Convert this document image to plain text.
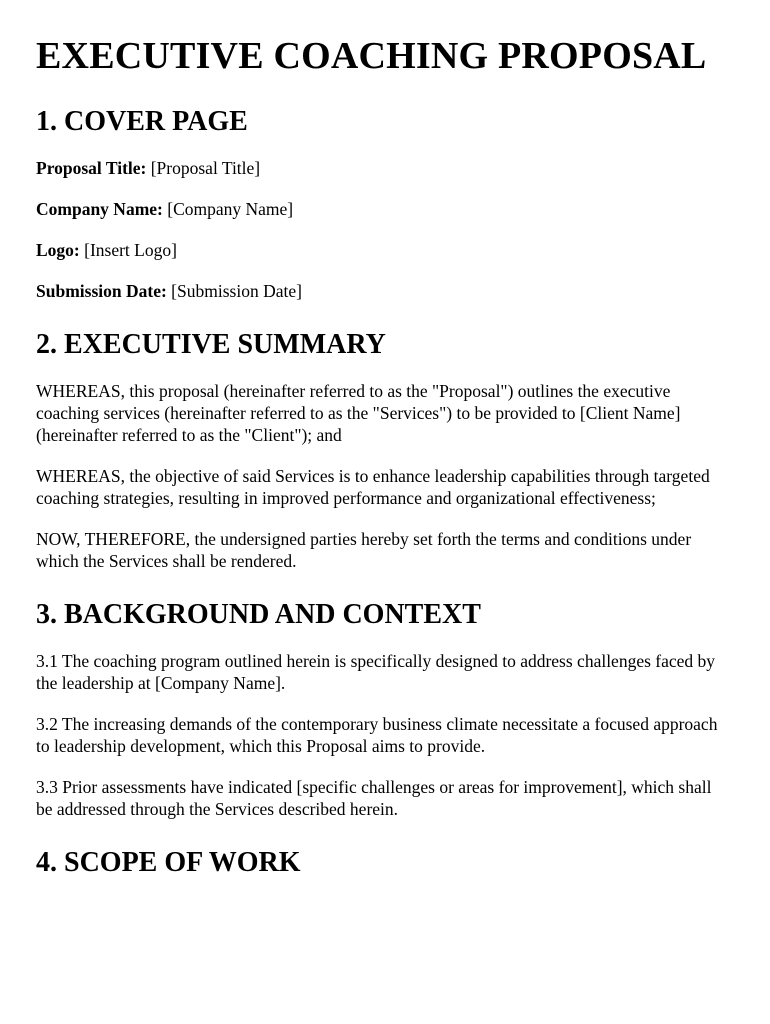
EXECUTIVE COACHING PROPOSAL
1. COVER PAGE

Proposal Title: [Proposal Title]

Company Name: [Company Name]

Logo: [Insert Logo]

Submission Date: [Submission Date]

2. EXECUTIVE SUMMARY

WHEREAS, this proposal (hereinafter referred to as the "Proposal") outlines the executive coaching services (hereinafter referred to as the "Services") to be provided to [Client Name] (hereinafter referred to as the "Client"); and

WHEREAS, the objective of said Services is to enhance leadership capabilities through targeted coaching strategies, resulting in improved performance and organizational effectiveness;

NOW, THEREFORE, the undersigned parties hereby set forth the terms and conditions under which the Services shall be rendered.

3. BACKGROUND AND CONTEXT

3.1 The coaching program outlined herein is specifically designed to address challenges faced by the leadership at [Company Name].

3.2 The increasing demands of the contemporary business climate necessitate a focused approach to leadership development, which this Proposal aims to provide.

3.3 Prior assessments have indicated [specific challenges or areas for improvement], which shall be addressed through the Services described herein.

4. SCOPE OF WORK
